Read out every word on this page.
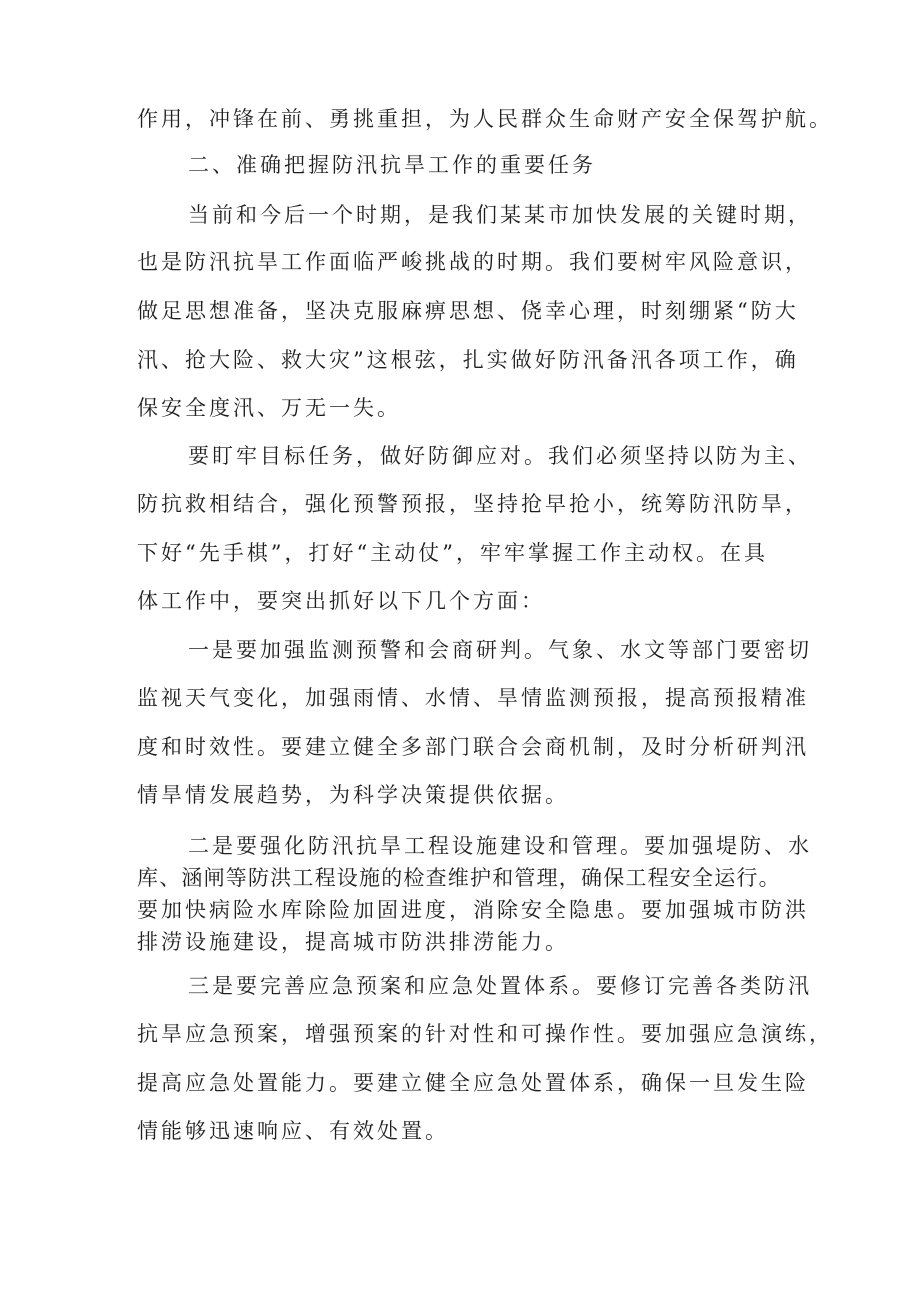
作用，冲锋在前、勇挑重担，为人民群众生命财产安全保驾护航。

二、准确把握防汛抗旱工作的重要任务

当前和今后一个时期，是我们某某市加快发展的关键时期，

也是防汛抗旱工作面临严峻挑战的时期。我们要树牢风险意识，

做足思想准备，坚决克服麻痹思想、侥幸心理，时刻绷紧“防大

汛、抢大险、救大灾”这根弦，扎实做好防汛备汛各项工作，确

保安全度汛、万无一失。

要盯牢目标任务，做好防御应对。我们必须坚持以防为主、

防抗救相结合，强化预警预报，坚持抢早抢小，统筹防汛防旱，

下好“先手棋”，打好“主动仗”，牢牢掌握工作主动权。在具

体工作中，要突出抓好以下几个方面：

一是要加强监测预警和会商研判。气象、水文等部门要密切

监视天气变化，加强雨情、水情、旱情监测预报，提高预报精准

度和时效性。要建立健全多部门联合会商机制，及时分析研判汛

情旱情发展趋势，为科学决策提供依据。

二是要强化防汛抗旱工程设施建设和管理。要加强堤防、水

库、涵闸等防洪工程设施的检查维护和管理，确保工程安全运行。

要加快病险水库除险加固进度，消除安全隐患。要加强城市防洪

排涝设施建设，提高城市防洪排涝能力。

三是要完善应急预案和应急处置体系。要修订完善各类防汛

抗旱应急预案，增强预案的针对性和可操作性。要加强应急演练，

提高应急处置能力。要建立健全应急处置体系，确保一旦发生险

情能够迅速响应、有效处置。
